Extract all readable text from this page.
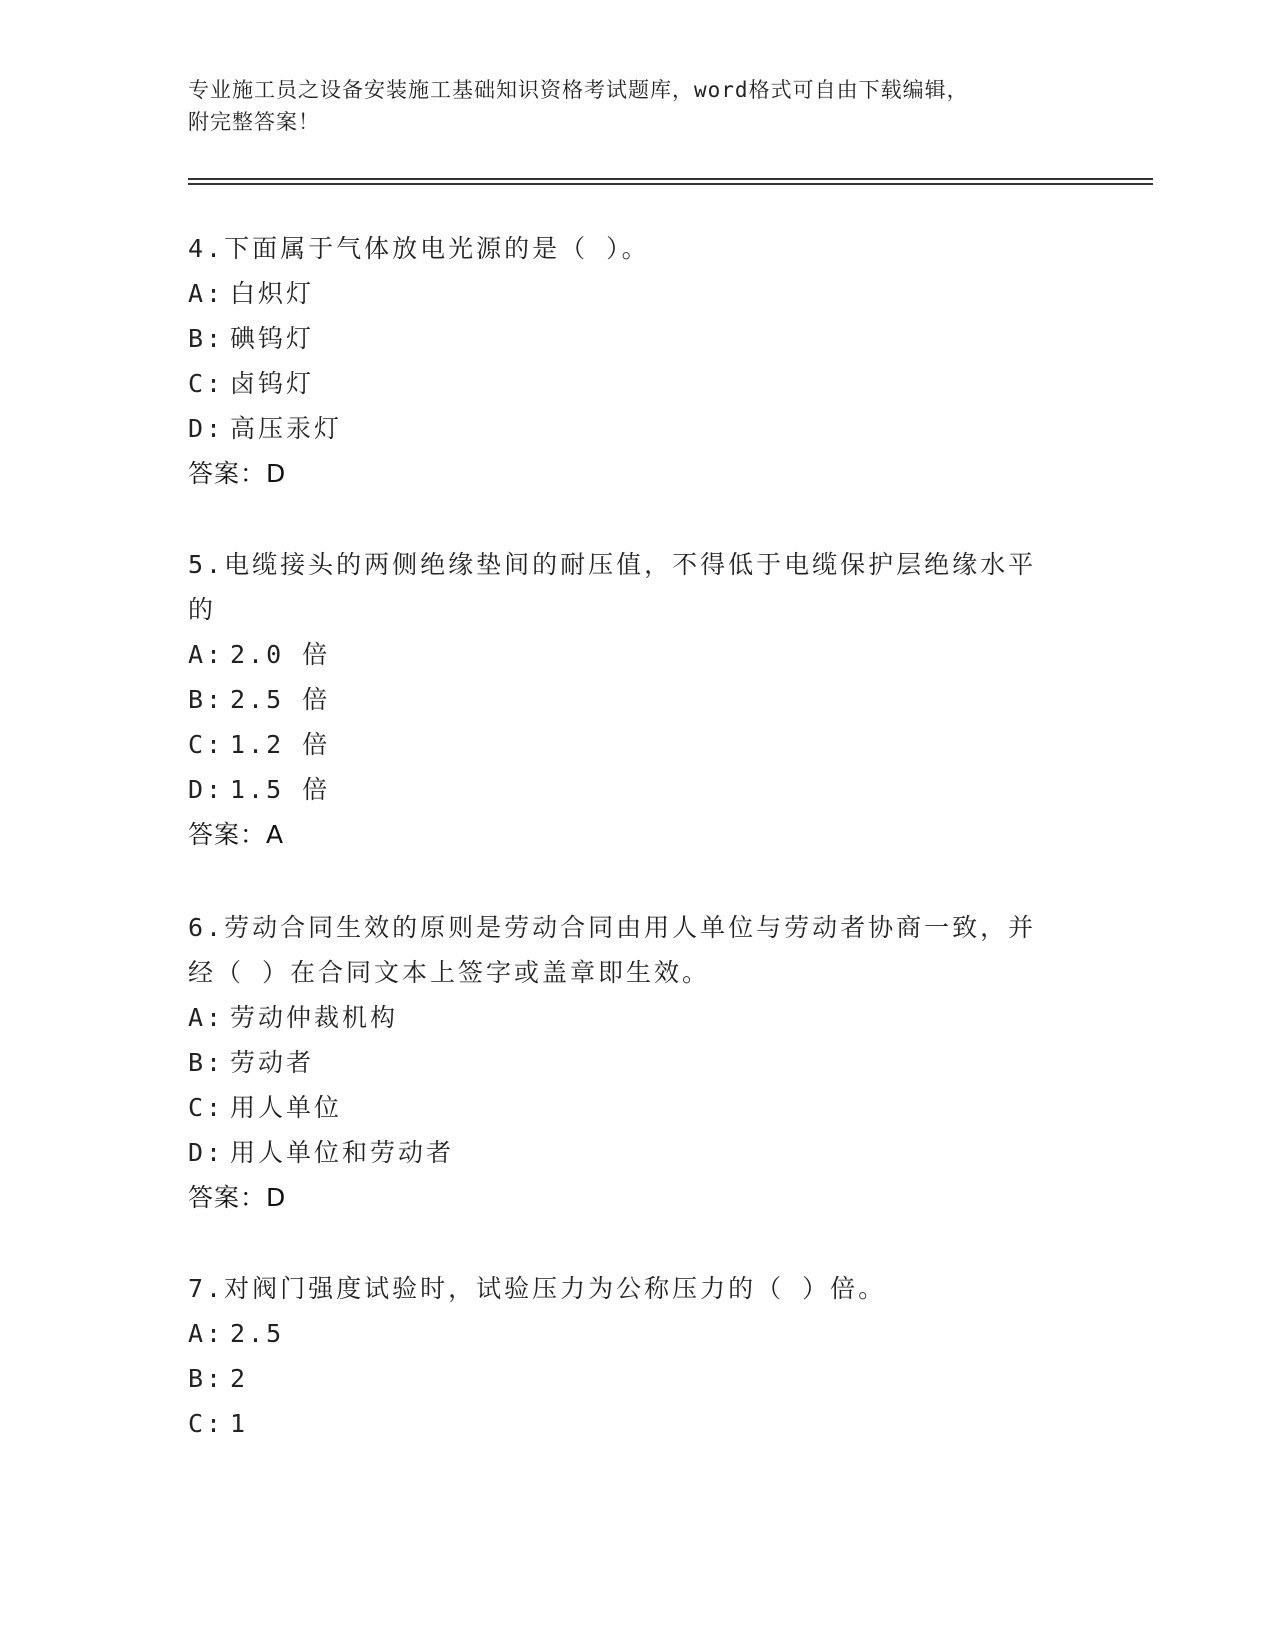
专业施工员之设备安装施工基础知识资格考试题库，word格式可自由下载编辑，
附完整答案！

4.下面属于气体放电光源的是（ ）。

A: 白炽灯

B: 碘钨灯

C: 卤钨灯

D: 高压汞灯

答案：D

5.电缆接头的两侧绝缘垫间的耐压值，不得低于电缆保护层绝缘水平

的

A: 2.0 倍

B: 2.5 倍

C: 1.2 倍

D: 1.5 倍

答案：A

6.劳动合同生效的原则是劳动合同由用人单位与劳动者协商一致，并

经（ ）在合同文本上签字或盖章即生效。

A: 劳动仲裁机构

B: 劳动者

C: 用人单位

D: 用人单位和劳动者

答案：D

7.对阀门强度试验时，试验压力为公称压力的（ ）倍。

A: 2.5

B: 2

C: 1
